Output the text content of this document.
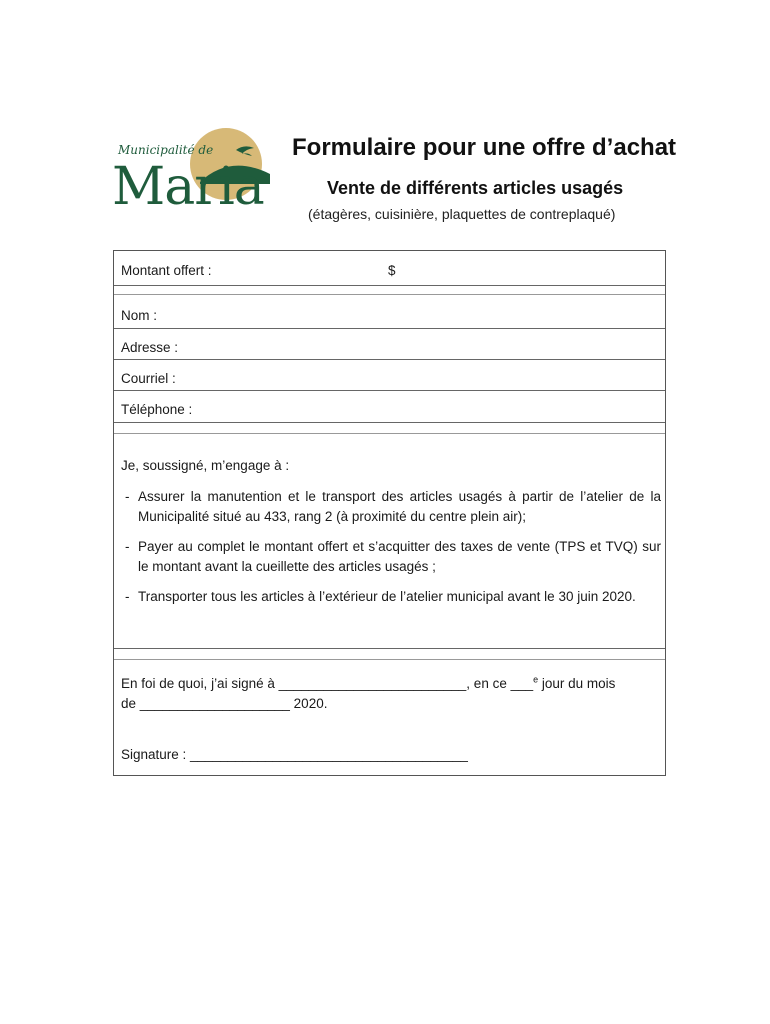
Municipalité de
Maria
Formulaire pour une offre d’achat
Vente de différents articles usagés
(étagères, cuisinière, plaquettes de contreplaqué)
Montant offert :	$
Nom :
Adresse :
Courriel :
Téléphone :
Je, soussigné, m’engage à :
- Assurer la manutention et le transport des articles usagés à partir de l’atelier de la Municipalité situé au 433, rang 2 (à proximité du centre plein air);
- Payer au complet le montant offert et s’acquitter des taxes de vente (TPS et TVQ) sur le montant avant la cueillette des articles usagés ;
- Transporter tous les articles à l’extérieur de l’atelier municipal avant le 30 juin 2020.
En foi de quoi, j’ai signé à _________________________, en ce ___$^e$ jour du mois
de ____________________ 2020.
Signature : _____________________________________
